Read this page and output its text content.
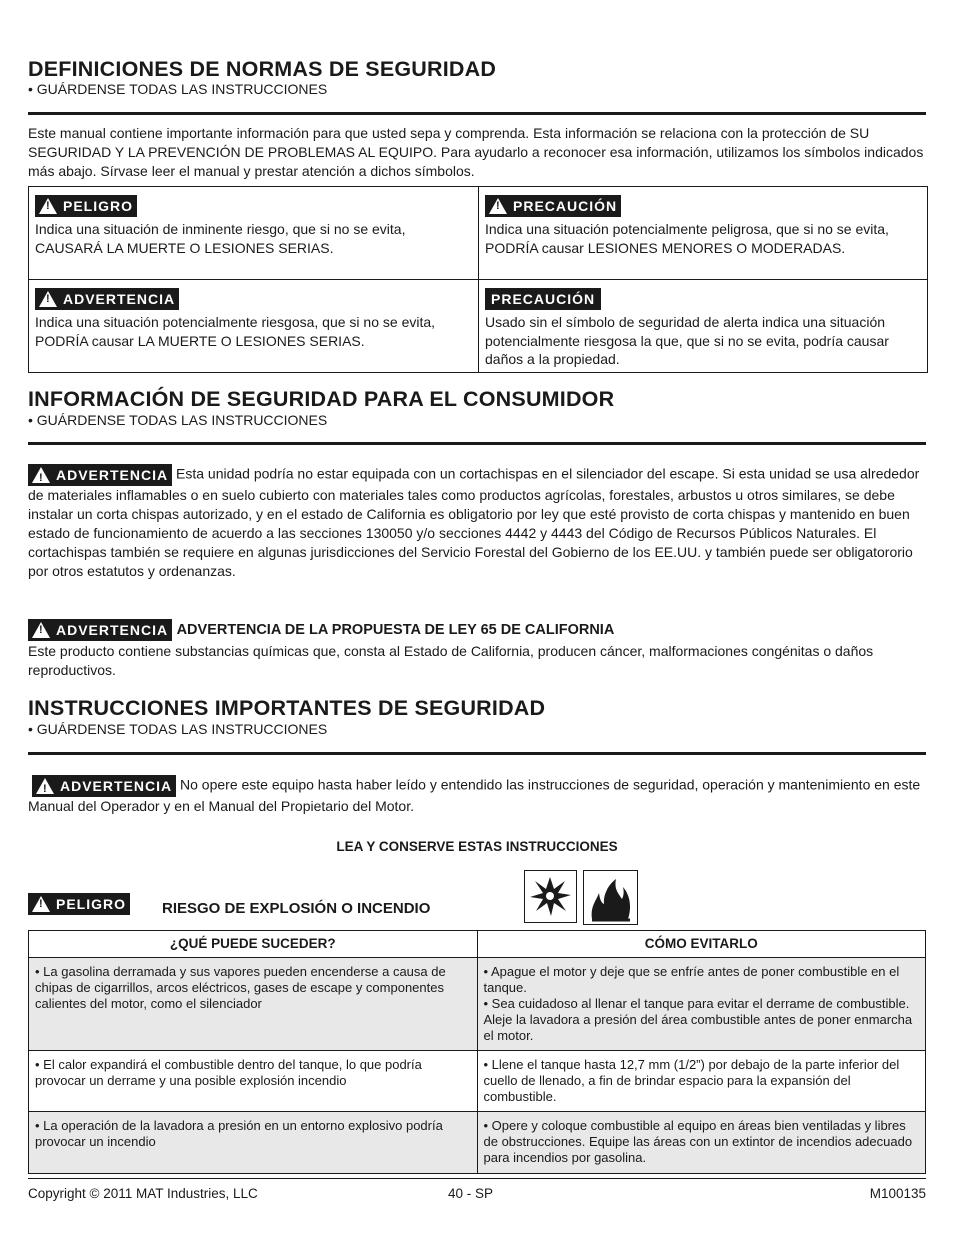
DEFINICIONES DE NORMAS DE SEGURIDAD

• GUÁRDENSE TODAS LAS INSTRUCCIONES

Este manual contiene importante información para que usted sepa y comprenda. Esta información se relaciona con la protección de SU SEGURIDAD Y LA PREVENCIÓN DE PROBLEMAS AL EQUIPO. Para ayudarlo a reconocer esa información, utilizamos los símbolos indicados más abajo. Sírvase leer el manual y prestar atención a dichos símbolos.

!
PELIGRO

Indica una situación de inminente riesgo, que si no se evita, CAUSARÁ LA MUERTE O LESIONES SERIAS.

!
PRECAUCIÓN

Indica una situación potencialmente peligrosa, que si no se evita, PODRÍA causar LESIONES MENORES O MODERADAS.

!
ADVERTENCIA

Indica una situación potencialmente riesgosa, que si no se evita, PODRÍA causar LA MUERTE O LESIONES SERIAS.

PRECAUCIÓN

Usado sin el símbolo de seguridad de alerta indica una situación potencialmente riesgosa la que, que si no se evita, podría causar daños a la propiedad.

INFORMACIÓN DE SEGURIDAD PARA EL CONSUMIDOR

• GUÁRDENSE TODAS LAS INSTRUCCIONES

!
ADVERTENCIA Esta unidad podría no estar equipada con un cortachispas en el silenciador del escape. Si esta unidad se usa alrededor de materiales inflamables o en suelo cubierto con materiales tales como productos agrícolas, forestales, arbustos u otros similares, se debe instalar un corta chispas autorizado, y en el estado de California es obligatorio por ley que esté provisto de corta chispas y mantenido en buen estado de funcionamiento de acuerdo a las secciones 130050 y/o secciones 4442 y 4443 del Código de Recursos Públicos Naturales. El cortachispas también se requiere en algunas jurisdicciones del Servicio Forestal del Gobierno de los EE.UU. y también puede ser obligatororio por otros estatutos y ordenanzas.

!
ADVERTENCIA ADVERTENCIA DE LA PROPUESTA DE LEY 65 DE CALIFORNIA

Este producto contiene substancias químicas que, consta al Estado de California, producen cáncer, malformaciones congénitas o daños reproductivos.

INSTRUCCIONES IMPORTANTES DE SEGURIDAD

• GUÁRDENSE TODAS LAS INSTRUCCIONES

!
ADVERTENCIA No opere este equipo hasta haber leído y entendido las instrucciones de seguridad, operación y mantenimiento en este Manual del Operador y en el Manual del Propietario del Motor.

LEA Y CONSERVE ESTAS INSTRUCCIONES

!
PELIGRO RIESGO DE EXPLOSIÓN O INCENDIO
¿QUÉ PUEDE SUCEDER?	CÓMO EVITARLO
• La gasolina derramada y sus vapores pueden encenderse a causa de chipas de cigarrillos, arcos eléctricos, gases de escape y componentes calientes del motor, como el silenciador	• Apague el motor y deje que se enfríe antes de poner combustible en el tanque.
• Sea cuidadoso al llenar el tanque para evitar el derrame de combustible. Aleje la lavadora a presión del área combustible antes de poner enmarcha el motor.

• El calor expandirá el combustible dentro del tanque, lo que podría provocar un derrame y una posible explosión incendio	• Llene el tanque hasta 12,7 mm (1/2”) por debajo de la parte inferior del cuello de llenado, a fin de brindar espacio para la expansión del combustible.

• La operación de la lavadora a presión en un entorno explosivo podría provocar un incendio	• Opere y coloque combustible al equipo en áreas bien ventiladas y libres de obstrucciones. Equipe las áreas con un extintor de incendios adecuado para incendios por gasolina.
Copyright © 2011 MAT Industries, LLC	40 - SP	M100135
